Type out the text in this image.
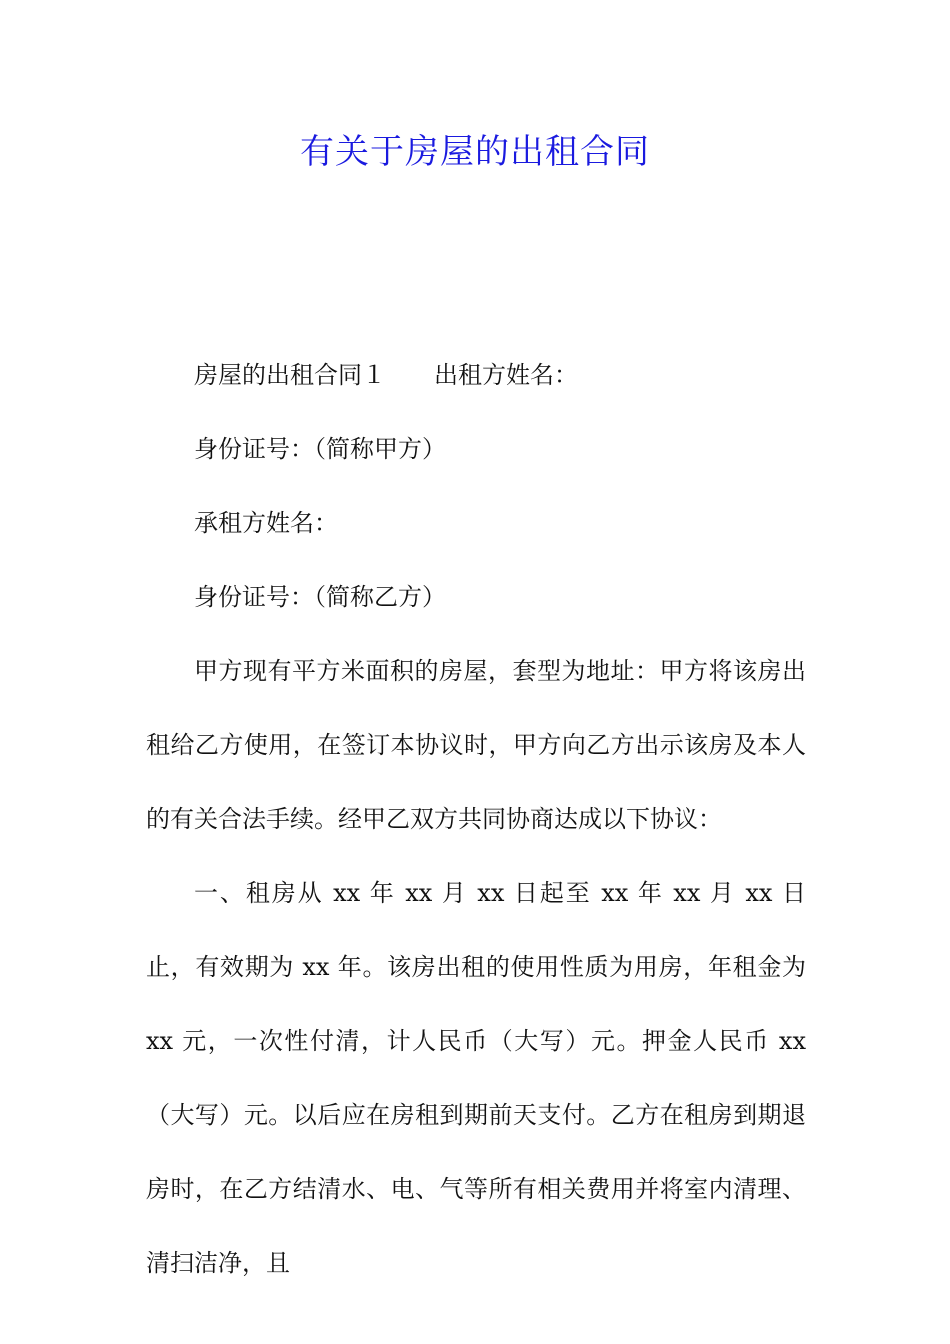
有关于房屋的出租合同

房屋的出租合同１　　出租方姓名：

身份证号：（简称甲方）

承租方姓名：

身份证号：（简称乙方）

甲方现有平方米面积的房屋，套型为地址：甲方将该房出租给乙方使用，在签订本协议时，甲方向乙方出示该房及本人的有关合法手续。经甲乙双方共同协商达成以下协议：

一、租房从 xx 年 xx 月 xx 日起至 xx 年 xx 月 xx 日止，有效期为 xx 年。该房出租的使用性质为用房，年租金为 xx 元，一次性付清，计人民币（大写）元。押金人民币 xx（大写）元。以后应在房租到期前天支付。乙方在租房到期退房时，在乙方结清水、电、气等所有相关费用并将室内清理、清扫洁净，且
